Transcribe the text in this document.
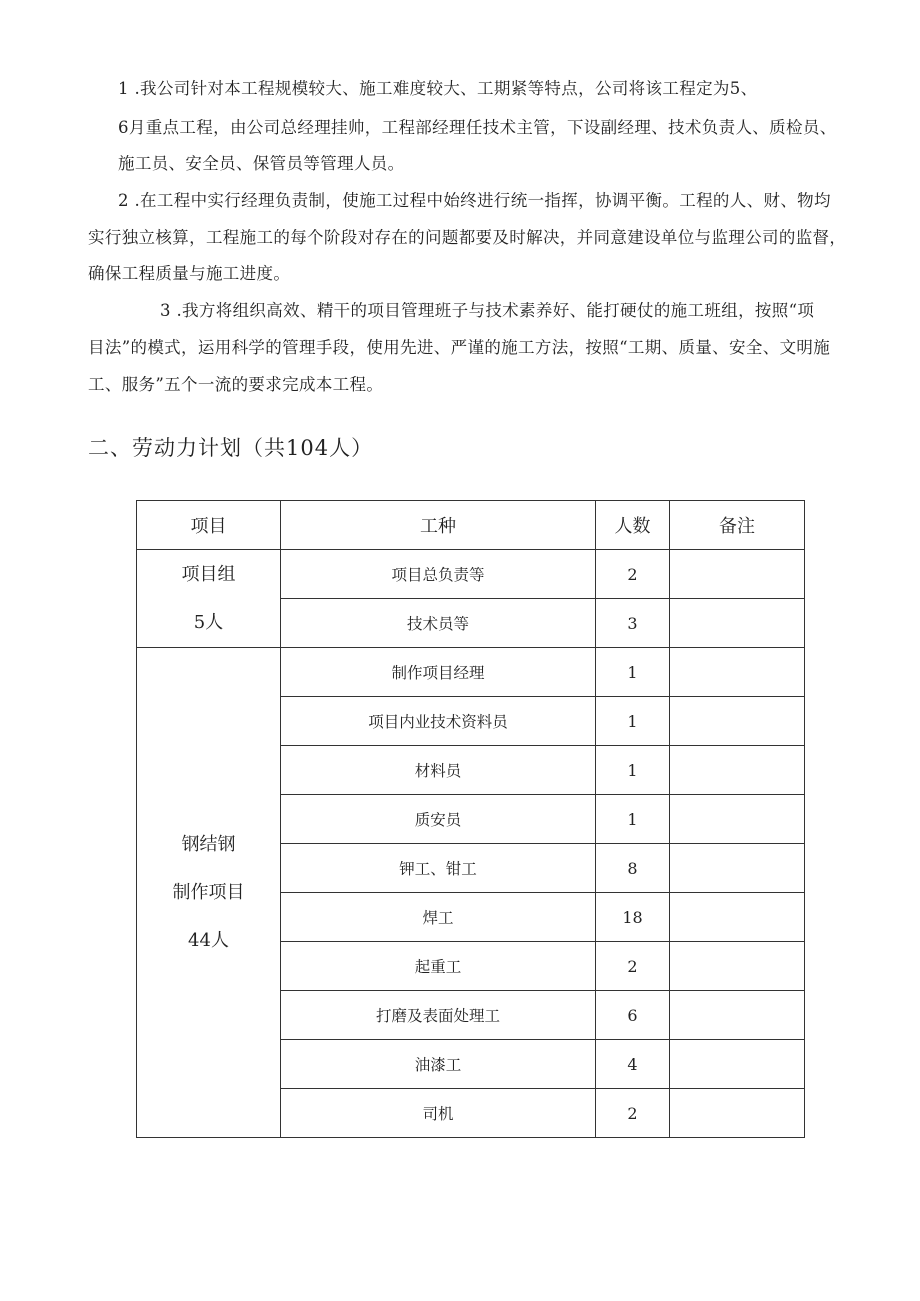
1 .我公司针对本工程规模较大、施工难度较大、工期紧等特点，公司将该工程定为5、

6月重点工程，由公司总经理挂帅，工程部经理任技术主管，下设副经理、技术负责人、质检员、

施工员、安全员、保管员等管理人员。

2 .在工程中实行经理负责制，使施工过程中始终进行统一指挥，协调平衡。工程的人、财、物均

实行独立核算，工程施工的每个阶段对存在的问题都要及时解决，并同意建设单位与监理公司的监督，

确保工程质量与施工进度。

3 .我方将组织高效、精干的项目管理班子与技术素养好、能打硬仗的施工班组，按照“项

目法”的模式，运用科学的管理手段，使用先进、严谨的施工方法，按照“工期、质量、安全、文明施

工、服务”五个一流的要求完成本工程。

二、劳动力计划（共104人）
项目	工种	人数	备注

项目组
5人	项目总负责等	2	
	技术员等	3	

钢结钢
制作项目
44人	制作项目经理	1	
	项目内业技术资料员	1	
	材料员	1	
	质安员	1	
	钾工、钳工	8	
	焊工	18	
	起重工	2	
	打磨及表面处理工	6	
	油漆工	4	
	司机	2	
